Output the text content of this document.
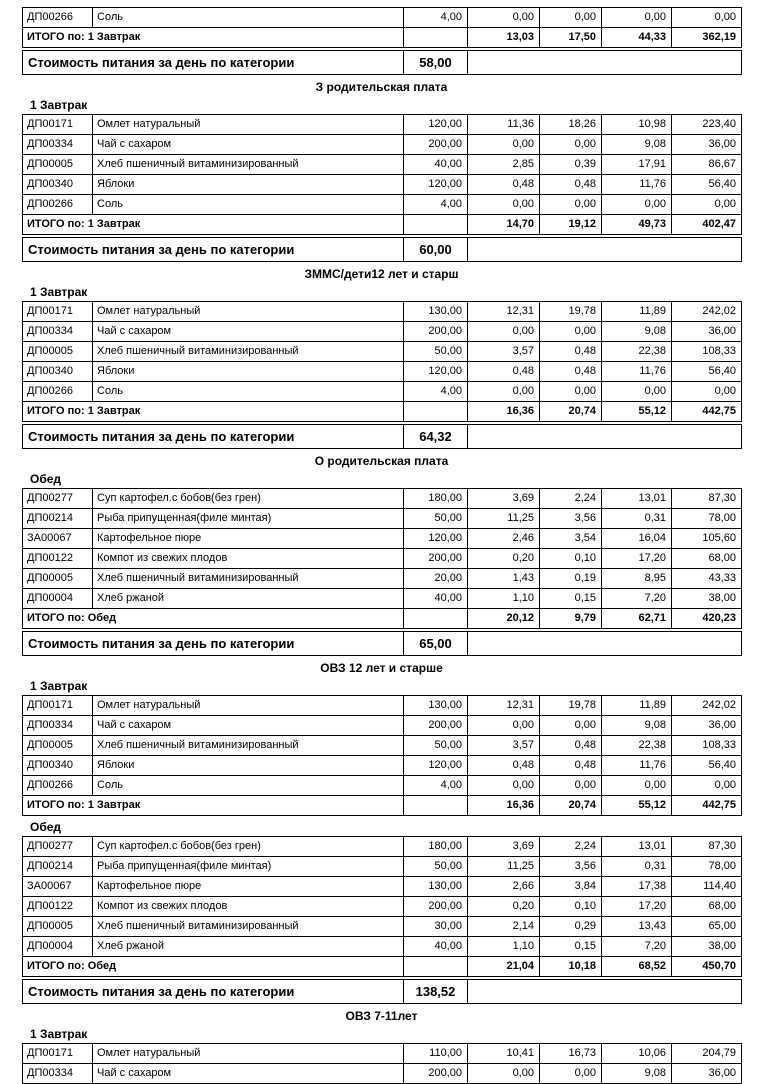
ДП00266	Соль	4,00	0,00	0,00	0,00	0,00
ИТОГО по: 1 Завтрак			13,03	17,50	44,33	362,19
Стоимость питания за день по категории	58,00	
З родительская плата
1 Завтрак
ДП00171	Омлет натуральный	120,00	11,36	18,26	10,98	223,40
ДП00334	Чай с сахаром	200,00	0,00	0,00	9,08	36,00
ДП00005	Хлеб пшеничный витаминизированный	40,00	2,85	0,39	17,91	86,67
ДП00340	Яблоки	120,00	0,48	0,48	11,76	56,40
ДП00266	Соль	4,00	0,00	0,00	0,00	0,00
ИТОГО по: 1 Завтрак			14,70	19,12	49,73	402,47
Стоимость питания за день по категории	60,00	
ЗММС/дети12 лет и старш
1 Завтрак
ДП00171	Омлет натуральный	130,00	12,31	19,78	11,89	242,02
ДП00334	Чай с сахаром	200,00	0,00	0,00	9,08	36,00
ДП00005	Хлеб пшеничный витаминизированный	50,00	3,57	0,48	22,38	108,33
ДП00340	Яблоки	120,00	0,48	0,48	11,76	56,40
ДП00266	Соль	4,00	0,00	0,00	0,00	0,00
ИТОГО по: 1 Завтрак			16,36	20,74	55,12	442,75
Стоимость питания за день по категории	64,32	
О родительская плата
Обед
ДП00277	Суп картофел.с бобов(без грен)	180,00	3,69	2,24	13,01	87,30
ДП00214	Рыба припущенная(филе минтая)	50,00	11,25	3,56	0,31	78,00
ЗА00067	Картофельное пюре	120,00	2,46	3,54	16,04	105,60
ДП00122	Компот из свежих плодов	200,00	0,20	0,10	17,20	68,00
ДП00005	Хлеб пшеничный витаминизированный	20,00	1,43	0,19	8,95	43,33
ДП00004	Хлеб ржаной	40,00	1,10	0,15	7,20	38,00
ИТОГО по: Обед			20,12	9,79	62,71	420,23
Стоимость питания за день по категории	65,00	
ОВЗ 12 лет и старше
1 Завтрак
ДП00171	Омлет натуральный	130,00	12,31	19,78	11,89	242,02
ДП00334	Чай с сахаром	200,00	0,00	0,00	9,08	36,00
ДП00005	Хлеб пшеничный витаминизированный	50,00	3,57	0,48	22,38	108,33
ДП00340	Яблоки	120,00	0,48	0,48	11,76	56,40
ДП00266	Соль	4,00	0,00	0,00	0,00	0,00
ИТОГО по: 1 Завтрак			16,36	20,74	55,12	442,75
Обед
ДП00277	Суп картофел.с бобов(без грен)	180,00	3,69	2,24	13,01	87,30
ДП00214	Рыба припущенная(филе минтая)	50,00	11,25	3,56	0,31	78,00
ЗА00067	Картофельное пюре	130,00	2,66	3,84	17,38	114,40
ДП00122	Компот из свежих плодов	200,00	0,20	0,10	17,20	68,00
ДП00005	Хлеб пшеничный витаминизированный	30,00	2,14	0,29	13,43	65,00
ДП00004	Хлеб ржаной	40,00	1,10	0,15	7,20	38,00
ИТОГО по: Обед			21,04	10,18	68,52	450,70
Стоимость питания за день по категории	138,52	
ОВЗ 7-11лет
1 Завтрак
ДП00171	Омлет натуральный	110,00	10,41	16,73	10,06	204,79
ДП00334	Чай с сахаром	200,00	0,00	0,00	9,08	36,00
